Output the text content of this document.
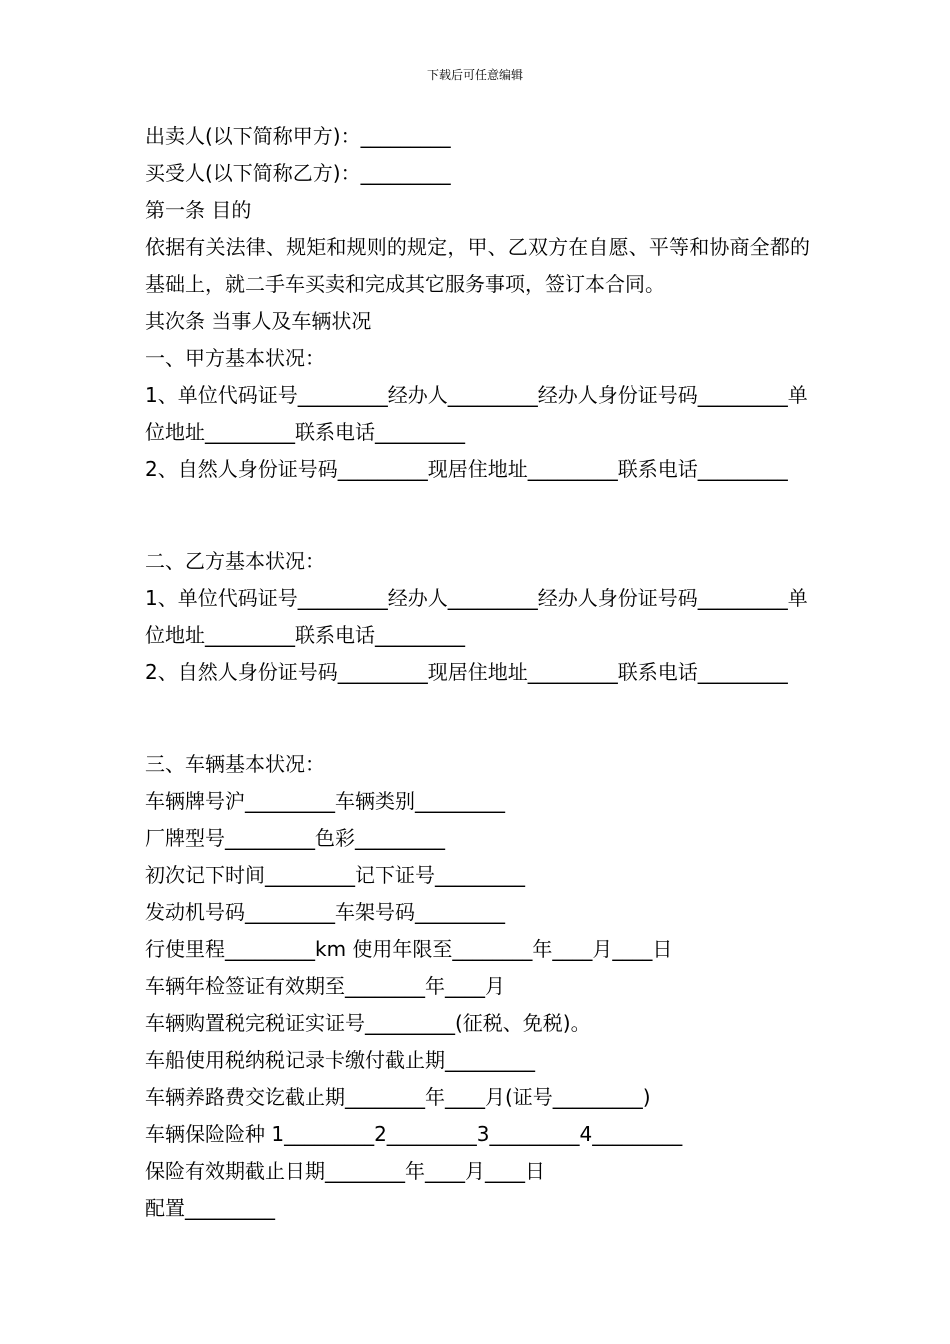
下载后可任意编辑
出卖人(以下简称甲方)：_________
买受人(以下简称乙方)：_________
第一条 目的
依据有关法律、规矩和规则的规定，甲、乙双方在自愿、平等和协商全都的基础上，就二手车买卖和完成其它服务事项，签订本合同。
其次条 当事人及车辆状况
一、甲方基本状况：
1、单位代码证号_________经办人_________经办人身份证号码_________单位地址_________联系电话_________
2、自然人身份证号码_________现居住地址_________联系电话_________
二、乙方基本状况：
1、单位代码证号_________经办人_________经办人身份证号码_________单位地址_________联系电话_________
2、自然人身份证号码_________现居住地址_________联系电话_________
三、车辆基本状况：
车辆牌号沪_________车辆类别_________
厂牌型号_________色彩_________
初次记下时间_________记下证号_________
发动机号码_________车架号码_________
行使里程_________km 使用年限至________年____月____日
车辆年检签证有效期至________年____月
车辆购置税完税证实证号_________(征税、免税)。
车船使用税纳税记录卡缴付截止期_________
车辆养路费交讫截止期________年____月(证号_________)
车辆保险险种 1_________2_________3_________4_________
保险有效期截止日期________年____月____日
配置_________
